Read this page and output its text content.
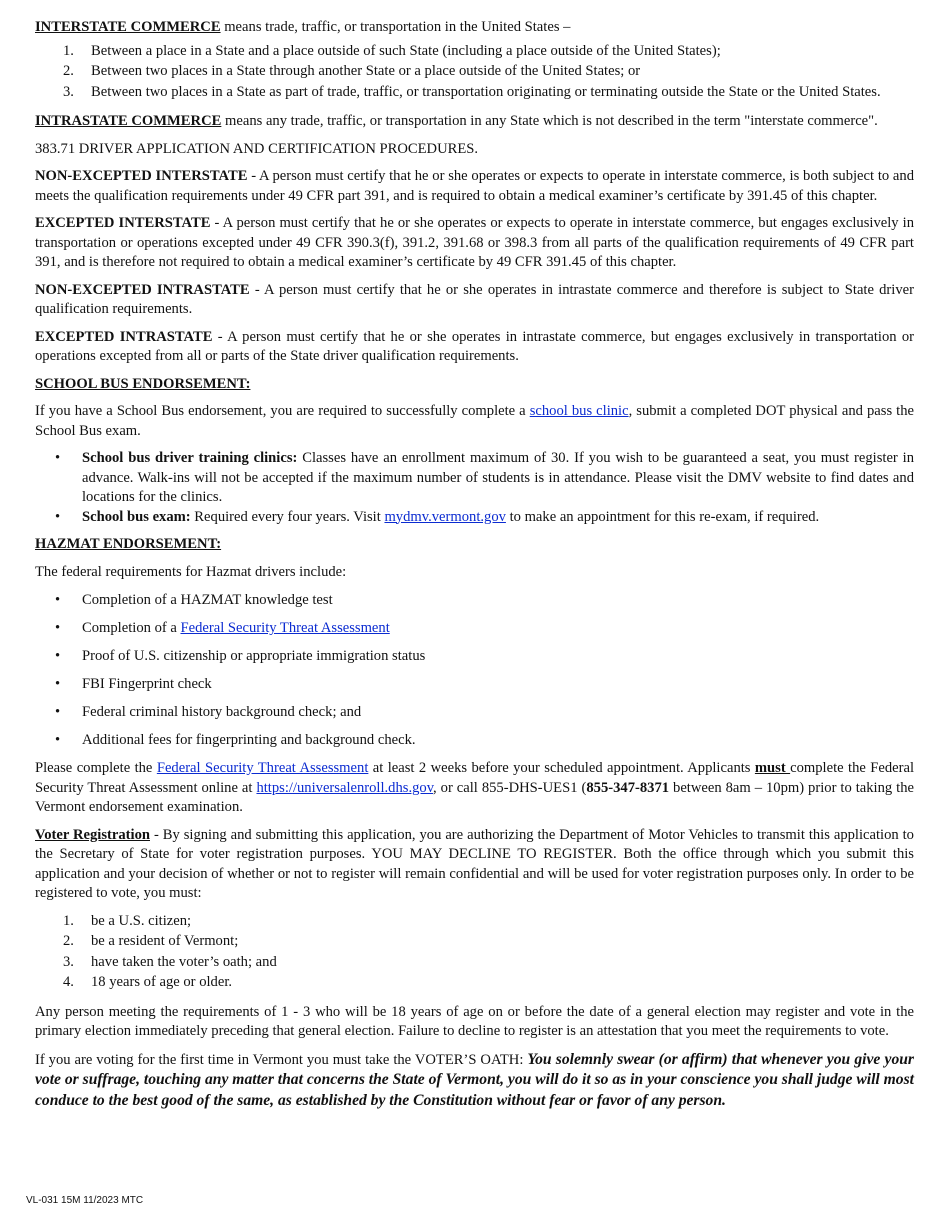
INTERSTATE COMMERCE means trade, traffic, or transportation in the United States –

1. Between a place in a State and a place outside of such State (including a place outside of the United States);
2. Between two places in a State through another State or a place outside of the United States; or
3. Between two places in a State as part of trade, traffic, or transportation originating or terminating outside the State or the United States.

INTRASTATE COMMERCE means any trade, traffic, or transportation in any State which is not described in the term "interstate commerce".

383.71 DRIVER APPLICATION AND CERTIFICATION PROCEDURES.

NON-EXCEPTED INTERSTATE - A person must certify that he or she operates or expects to operate in interstate commerce, is both subject to and meets the qualification requirements under 49 CFR part 391, and is required to obtain a medical examiner’s certificate by 391.45 of this chapter.

EXCEPTED INTERSTATE - A person must certify that he or she operates or expects to operate in interstate commerce, but engages exclusively in transportation or operations excepted under 49 CFR 390.3(f), 391.2, 391.68 or 398.3 from all parts of the qualification requirements of 49 CFR part 391, and is therefore not required to obtain a medical examiner’s certificate by 49 CFR 391.45 of this chapter.

NON-EXCEPTED INTRASTATE - A person must certify that he or she operates in intrastate commerce and therefore is subject to State driver qualification requirements.

EXCEPTED INTRASTATE - A person must certify that he or she operates in intrastate commerce, but engages exclusively in transportation or operations excepted from all or parts of the State driver qualification requirements.

SCHOOL BUS ENDORSEMENT:

If you have a School Bus endorsement, you are required to successfully complete a school bus clinic, submit a completed DOT physical and pass the School Bus exam.

• School bus driver training clinics: Classes have an enrollment maximum of 30. If you wish to be guaranteed a seat, you must register in advance. Walk-ins will not be accepted if the maximum number of students is in attendance. Please visit the DMV website to find dates and locations for the clinics.
• School bus exam: Required every four years. Visit mydmv.vermont.gov to make an appointment for this re-exam, if required.

HAZMAT ENDORSEMENT:

The federal requirements for Hazmat drivers include:

• Completion of a HAZMAT knowledge test
• Completion of a Federal Security Threat Assessment
• Proof of U.S. citizenship or appropriate immigration status
• FBI Fingerprint check
• Federal criminal history background check; and
• Additional fees for fingerprinting and background check.

Please complete the Federal Security Threat Assessment at least 2 weeks before your scheduled appointment. Applicants must complete the Federal Security Threat Assessment online at https://universalenroll.dhs.gov, or call 855-DHS-UES1 (855-347-8371 between 8am – 10pm) prior to taking the Vermont endorsement examination.

Voter Registration - By signing and submitting this application, you are authorizing the Department of Motor Vehicles to transmit this application to the Secretary of State for voter registration purposes. YOU MAY DECLINE TO REGISTER. Both the office through which you submit this application and your decision of whether or not to register will remain confidential and will be used for voter registration purposes only. In order to be registered to vote, you must:

1. be a U.S. citizen;
2. be a resident of Vermont;
3. have taken the voter’s oath; and
4. 18 years of age or older.

Any person meeting the requirements of 1 - 3 who will be 18 years of age on or before the date of a general election may register and vote in the primary election immediately preceding that general election. Failure to decline to register is an attestation that you meet the requirements to vote.

If you are voting for the first time in Vermont you must take the VOTER’S OATH: You solemnly swear (or affirm) that whenever you give your vote or suffrage, touching any matter that concerns the State of Vermont, you will do it so as in your conscience you shall judge will most conduce to the best good of the same, as established by the Constitution without fear or favor of any person.

VL-031 15M 11/2023 MTC
